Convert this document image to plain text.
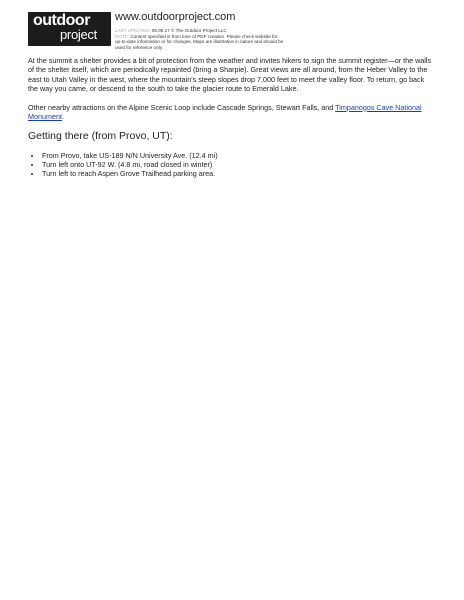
outdoor
project
www.outdoorproject.com
LAST UPDATED: 06.09.17 © The Outdoor Project LLC
NOTE: Content specified is from time of PDF creation. Please check website for up-to-date information or for changes. Maps are illustrative in nature and should be used for reference only.

At the summit a shelter provides a bit of protection from the weather and invites hikers to sign the summit register—or the walls of the shelter itself, which are periodically repainted (bring a Sharpie). Great views are all around, from the Heber Valley to the east to Utah Valley in the west, where the mountain's steep slopes drop 7,000 feet to meet the valley floor. To return, go back the way you came, or descend to the south to take the glacier route to Emerald Lake.

Other nearby attractions on the Alpine Scenic Loop include Cascade Springs, Stewart Falls, and Timpanogos Cave National Monument.

Getting there (from Provo, UT):
• From Provo, take US-189 N/N University Ave. (12.4 mi)
• Turn left onto UT-92 W. (4.8 mi, road closed in winter)
• Turn left to reach Aspen Grove Trailhead parking area.
